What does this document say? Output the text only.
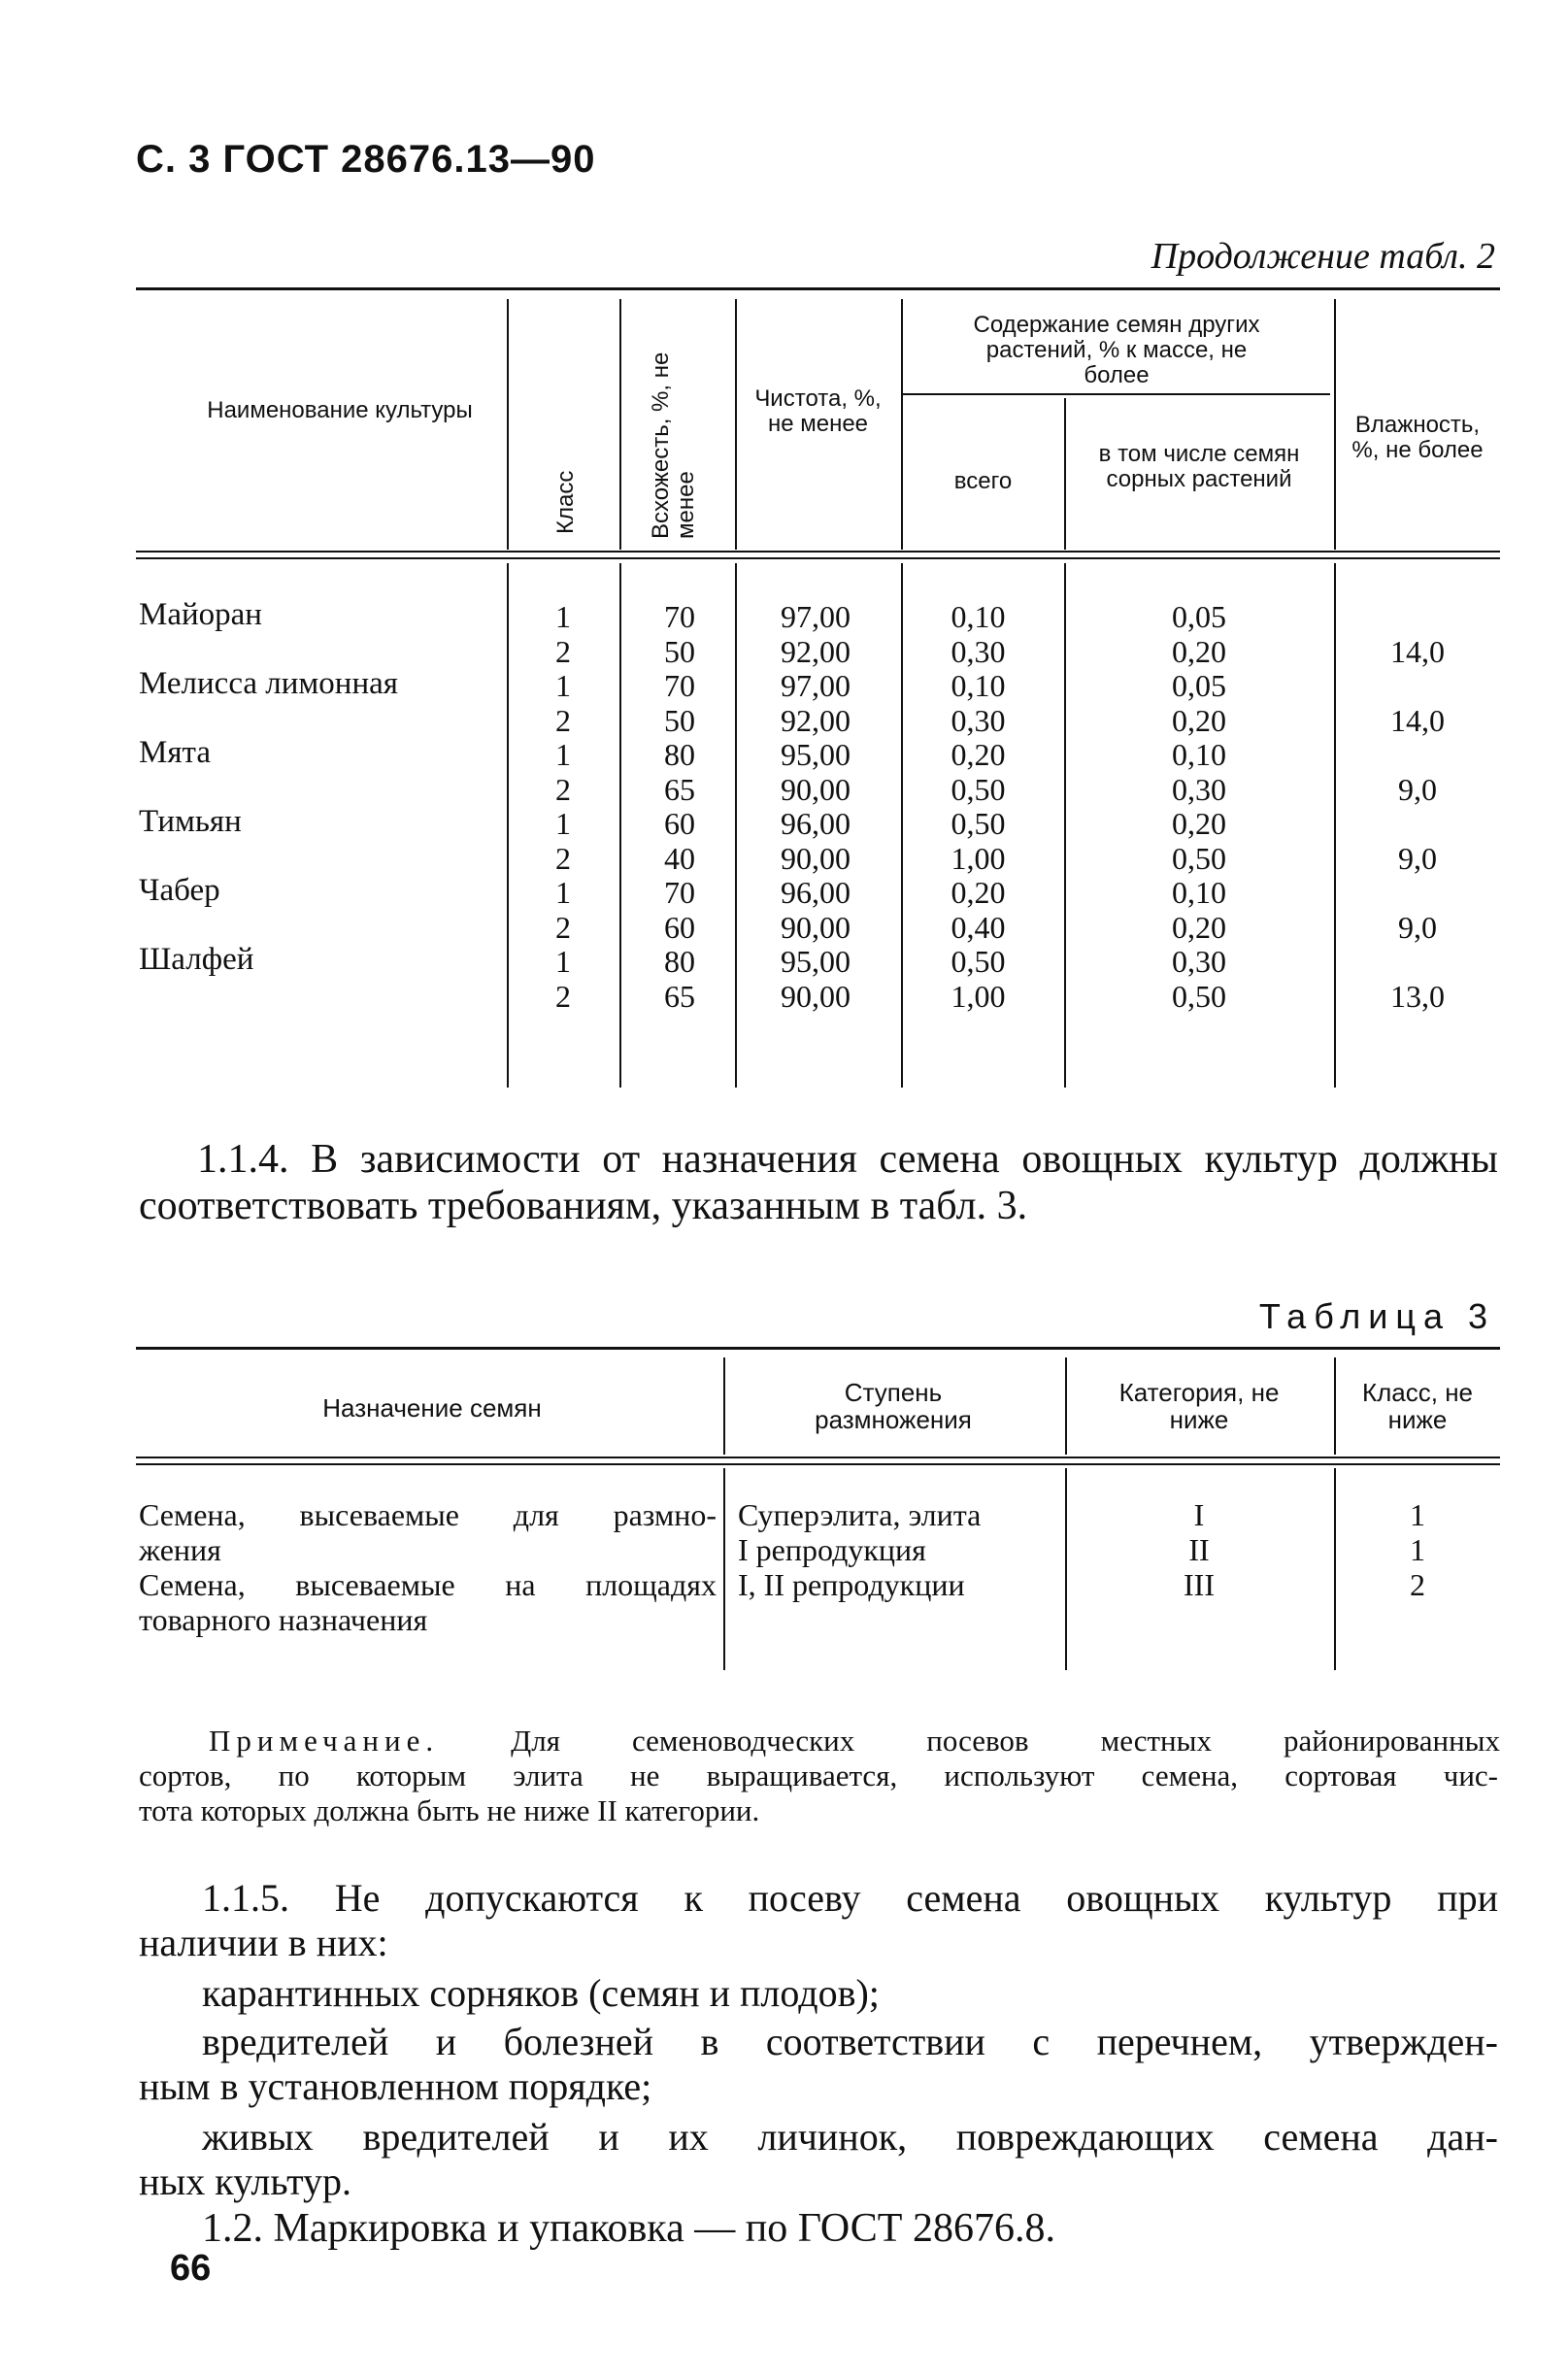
С. 3 ГОСТ 28676.13—90
Продолжение табл. 2
Наименование культуры
Класс	Всхожесть, %, не менее
Чистота, %, не менее
Содержание семян других растений, % к массе, не более
всего
в том числе семян сорных растений
Влажность, %, не более
Майоран
Мелисса лимонная
Мята
Тимьян
Чабер
Шалфей
1
2
1
2
1
2
1
2
1
2
1
2
70
50
70
50
80
65
60
40
70
60
80
65
97,00
92,00
97,00
92,00
95,00
90,00
96,00
90,00
96,00
90,00
95,00
90,00
0,10
0,30
0,10
0,30
0,20
0,50
0,50
1,00
0,20
0,40
0,50
1,00
0,05
0,20
0,05
0,20
0,10
0,30
0,20
0,50
0,10
0,20
0,30
0,50
14,0
14,0
9,0
9,0
9,0
13,0
1.1.4. В зависимости от назначения семена овощных культур должны соответствовать требованиям, указанным в табл. 3.
Таблица 3
Назначение семян
Ступень размножения
Категория, не ниже
Класс, не ниже
Семена, высеваемые для размно-
жения
Семена, высеваемые на площадях
товарного назначения
Суперэлита, элита
I репродукция
I, II репродукции
I
II
III
1
1
2
Примечание. Для семеноводческих посевов местных районированных
сортов, по которым элита не выращивается, используют семена, сортовая чис-
тота которых должна быть не ниже II категории.
1.1.5. Не допускаются к посеву семена овощных культур при
наличии в них:
карантинных сорняков (семян и плодов);
вредителей и болезней в соответствии с перечнем, утвержден-
ным в установленном порядке;
живых вредителей и их личинок, повреждающих семена дан-
ных культур.
1.2. Маркировка и упаковка — по ГОСТ 28676.8.
66
